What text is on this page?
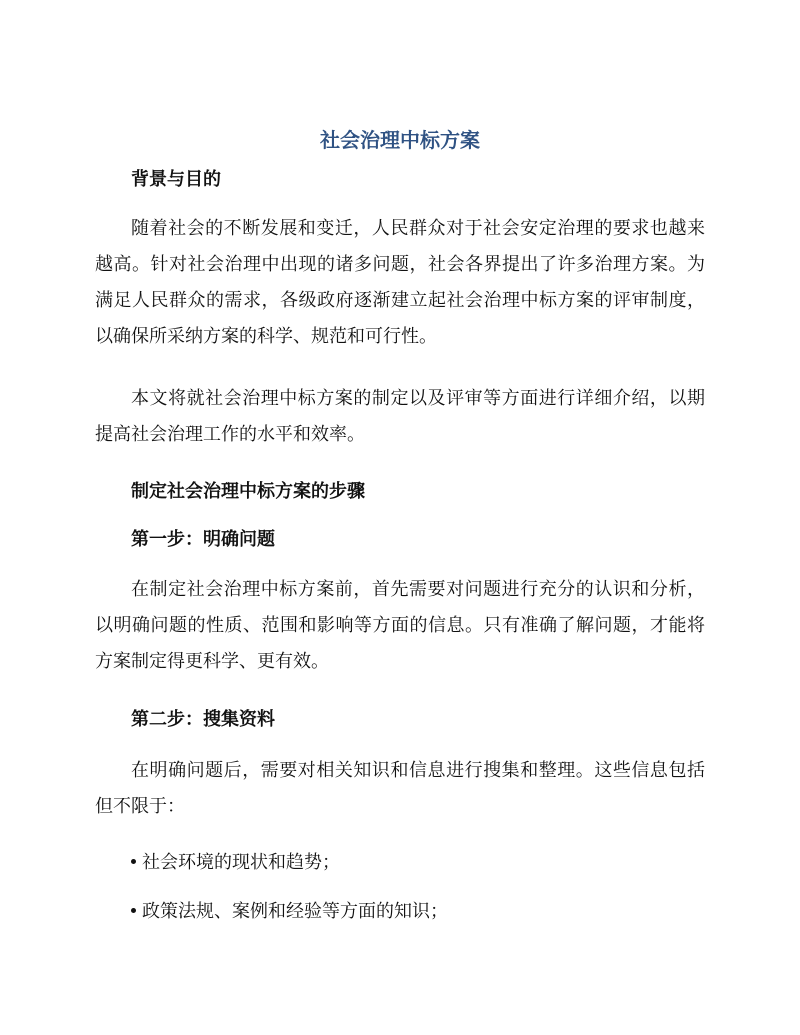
社会治理中标方案
背景与目的

随着社会的不断发展和变迁，人民群众对于社会安定治理的要求也越来越高。针对社会治理中出现的诸多问题，社会各界提出了许多治理方案。为满足人民群众的需求，各级政府逐渐建立起社会治理中标方案的评审制度，以确保所采纳方案的科学、规范和可行性。

本文将就社会治理中标方案的制定以及评审等方面进行详细介绍，以期提高社会治理工作的水平和效率。

制定社会治理中标方案的步骤
第一步：明确问题

在制定社会治理中标方案前，首先需要对问题进行充分的认识和分析，以明确问题的性质、范围和影响等方面的信息。只有准确了解问题，才能将方案制定得更科学、更有效。

第二步：搜集资料

在明确问题后，需要对相关知识和信息进行搜集和整理。这些信息包括但不限于：

社会环境的现状和趋势；
政策法规、案例和经验等方面的知识；
